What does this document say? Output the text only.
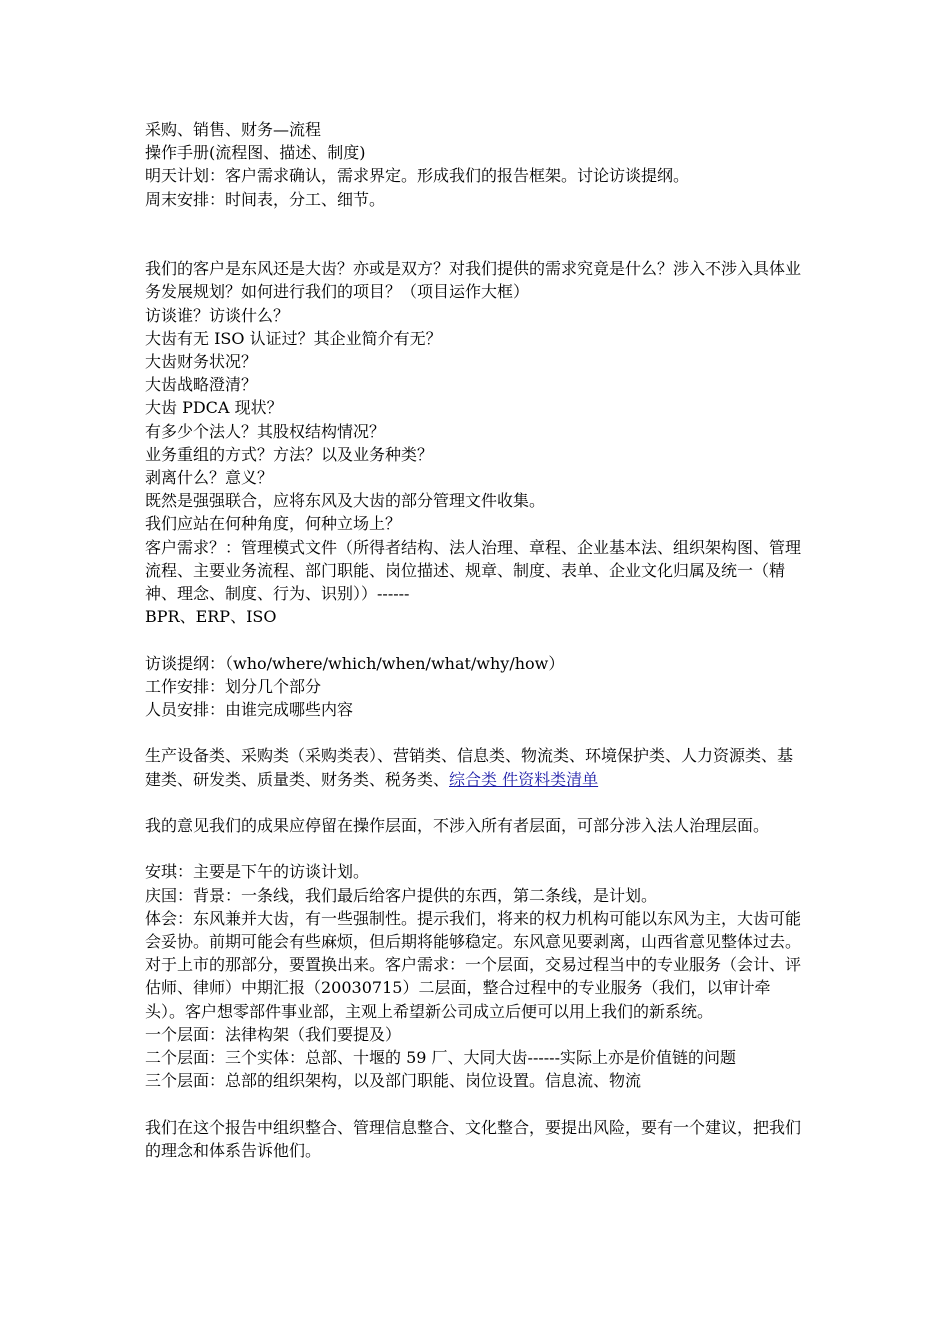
采购、销售、财务—流程

操作手册(流程图、描述、制度)

明天计划：客户需求确认，需求界定。形成我们的报告框架。讨论访谈提纲。

周末安排：时间表，分工、细节。

我们的客户是东风还是大齿？亦或是双方？对我们提供的需求究竟是什么？涉入不涉入具体业务发展规划？如何进行我们的项目？（项目运作大框）

访谈谁？访谈什么？

大齿有无 ISO 认证过？其企业简介有无？

大齿财务状况？

大齿战略澄清？

大齿 PDCA 现状？

有多少个法人？其股权结构情况？

业务重组的方式？方法？以及业务种类？

剥离什么？意义？

既然是强强联合，应将东风及大齿的部分管理文件收集。

我们应站在何种角度，何种立场上？

客户需求？：管理模式文件（所得者结构、法人治理、章程、企业基本法、组织架构图、管理流程、主要业务流程、部门职能、岗位描述、规章、制度、表单、企业文化归属及统一（精神、理念、制度、行为、识别））------

BPR、ERP、ISO

访谈提纲：（who/where/which/when/what/why/how）

工作安排：划分几个部分

人员安排：由谁完成哪些内容

生产设备类、采购类（采购类表）、营销类、信息类、物流类、环境保护类、人力资源类、基建类、研发类、质量类、财务类、税务类、综合类 件资料类清单

我的意见我们的成果应停留在操作层面，不涉入所有者层面，可部分涉入法人治理层面。

安琪：主要是下午的访谈计划。

庆国：背景：一条线，我们最后给客户提供的东西，第二条线，是计划。

体会：东风兼并大齿，有一些强制性。提示我们，将来的权力机构可能以东风为主，大齿可能会妥协。前期可能会有些麻烦，但后期将能够稳定。东风意见要剥离，山西省意见整体过去。对于上市的那部分，要置换出来。客户需求：一个层面，交易过程当中的专业服务（会计、评估师、律师）中期汇报（20030715）二层面，整合过程中的专业服务（我们，以审计牵头）。客户想零部件事业部，主观上希望新公司成立后便可以用上我们的新系统。

一个层面：法律构架（我们要提及）

二个层面：三个实体：总部、十堰的 59 厂、大同大齿------实际上亦是价值链的问题

三个层面：总部的组织架构，以及部门职能、岗位设置。信息流、物流

我们在这个报告中组织整合、管理信息整合、文化整合，要提出风险，要有一个建议，把我们的理念和体系告诉他们。
